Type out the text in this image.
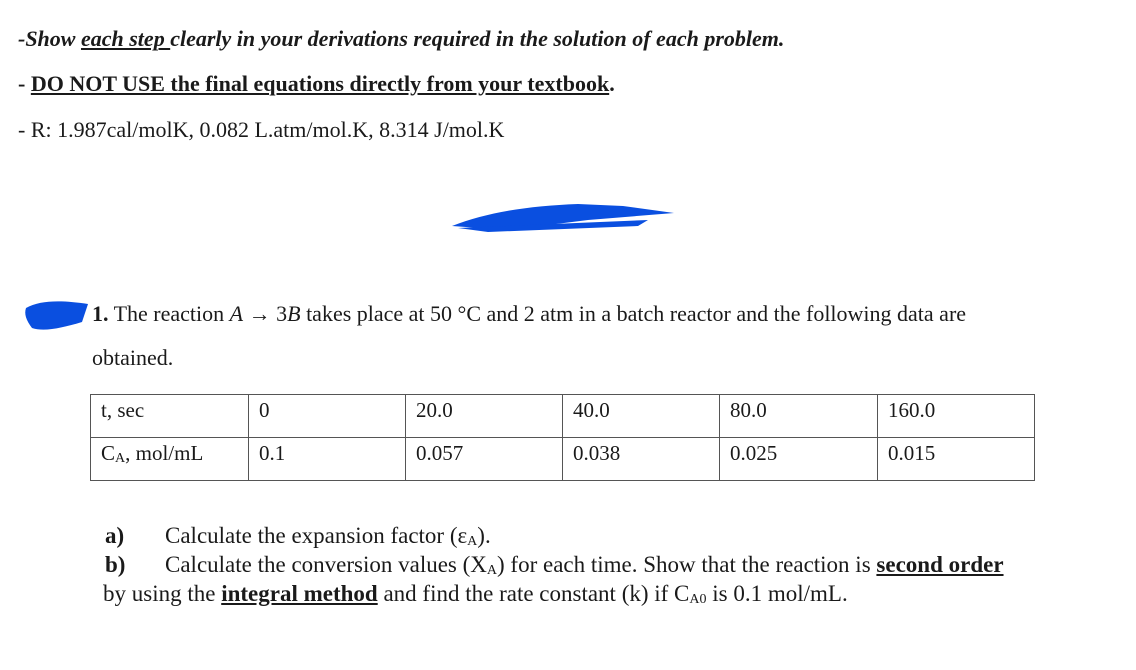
-Show each step clearly in your derivations required in the solution of each problem.
- DO NOT USE the final equations directly from your textbook.
- R: 1.987cal/molK, 0.082 L.atm/mol.K, 8.314 J/mol.K
1. The reaction A → 3B takes place at 50 °C and 2 atm in a batch reactor and the following data are
obtained.
t, sec	0	20.0	40.0	80.0	160.0
$C_A$, mol/mL	0.1	0.057	0.038	0.025	0.015
a) Calculate the expansion factor $(\varepsilon_A)$.
b) Calculate the conversion values $(X_A)$ for each time. Show that the reaction is second order
by using the integral method and find the rate constant (k) if $C_{A0}$ is 0.1 mol/mL.
